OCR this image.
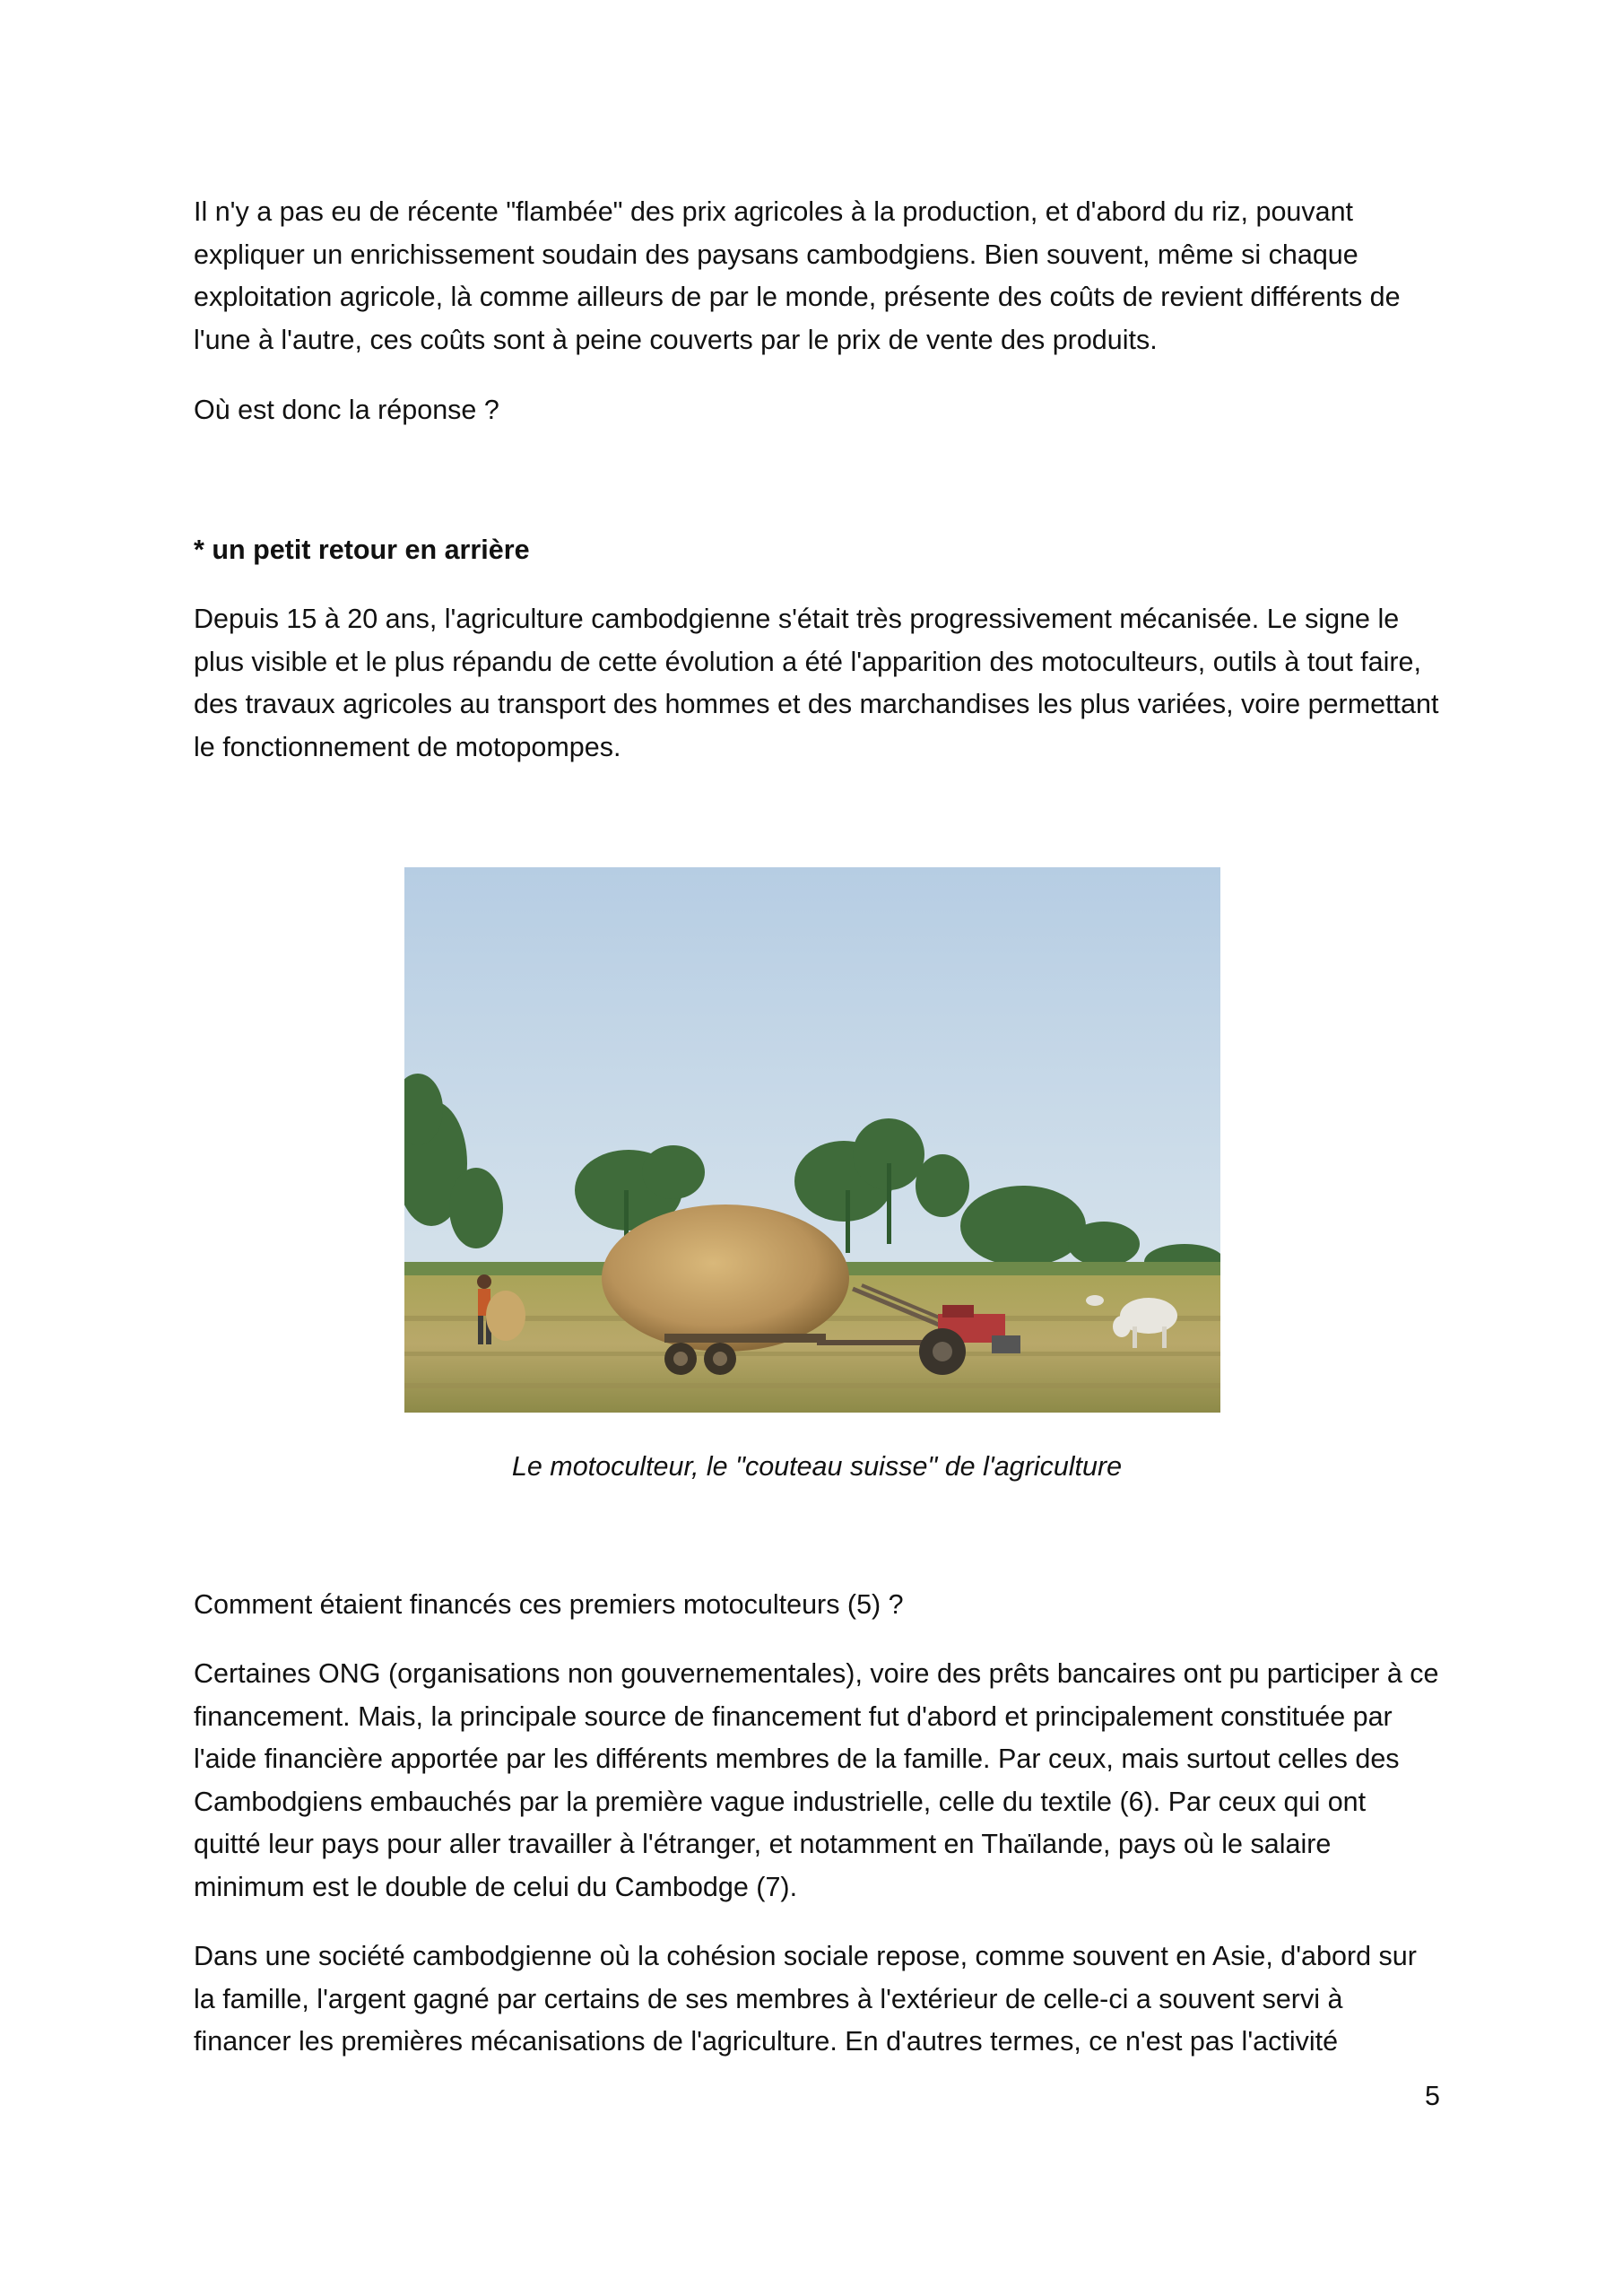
Il n'y a pas eu de récente "flambée" des prix agricoles à la production, et d'abord du riz, pouvant expliquer un enrichissement soudain des paysans cambodgiens. Bien souvent, même si chaque exploitation agricole, là comme ailleurs de par le monde, présente des coûts de revient différents de l'une à l'autre, ces coûts sont à peine couverts par le prix de vente des produits.

Où est donc la réponse ?

* un petit retour en arrière

Depuis 15 à 20 ans, l'agriculture cambodgienne s'était très progressivement mécanisée. Le signe le plus visible et le plus répandu de cette évolution a été l'apparition des motoculteurs, outils à tout faire, des travaux agricoles au transport des hommes et des marchandises les plus variées, voire permettant le fonctionnement de motopompes.

Le motoculteur, le "couteau suisse" de l'agriculture

Comment étaient financés ces premiers motoculteurs (5) ?

Certaines ONG (organisations non gouvernementales), voire des prêts bancaires ont pu participer à ce financement. Mais, la principale source de financement fut d'abord et principalement constituée par l'aide financière apportée par les différents membres de la famille. Par ceux, mais surtout celles des Cambodgiens embauchés par la première vague industrielle, celle du textile (6). Par ceux qui ont quitté leur pays pour aller travailler à l'étranger, et notamment en Thaïlande, pays où le salaire minimum est le double de celui du Cambodge (7).

Dans une société cambodgienne où la cohésion sociale repose, comme souvent en Asie, d'abord sur la famille, l'argent gagné par certains de ses membres à l'extérieur de celle-ci a souvent servi à financer les premières mécanisations de l'agriculture. En d'autres termes, ce n'est pas l'activité

5
